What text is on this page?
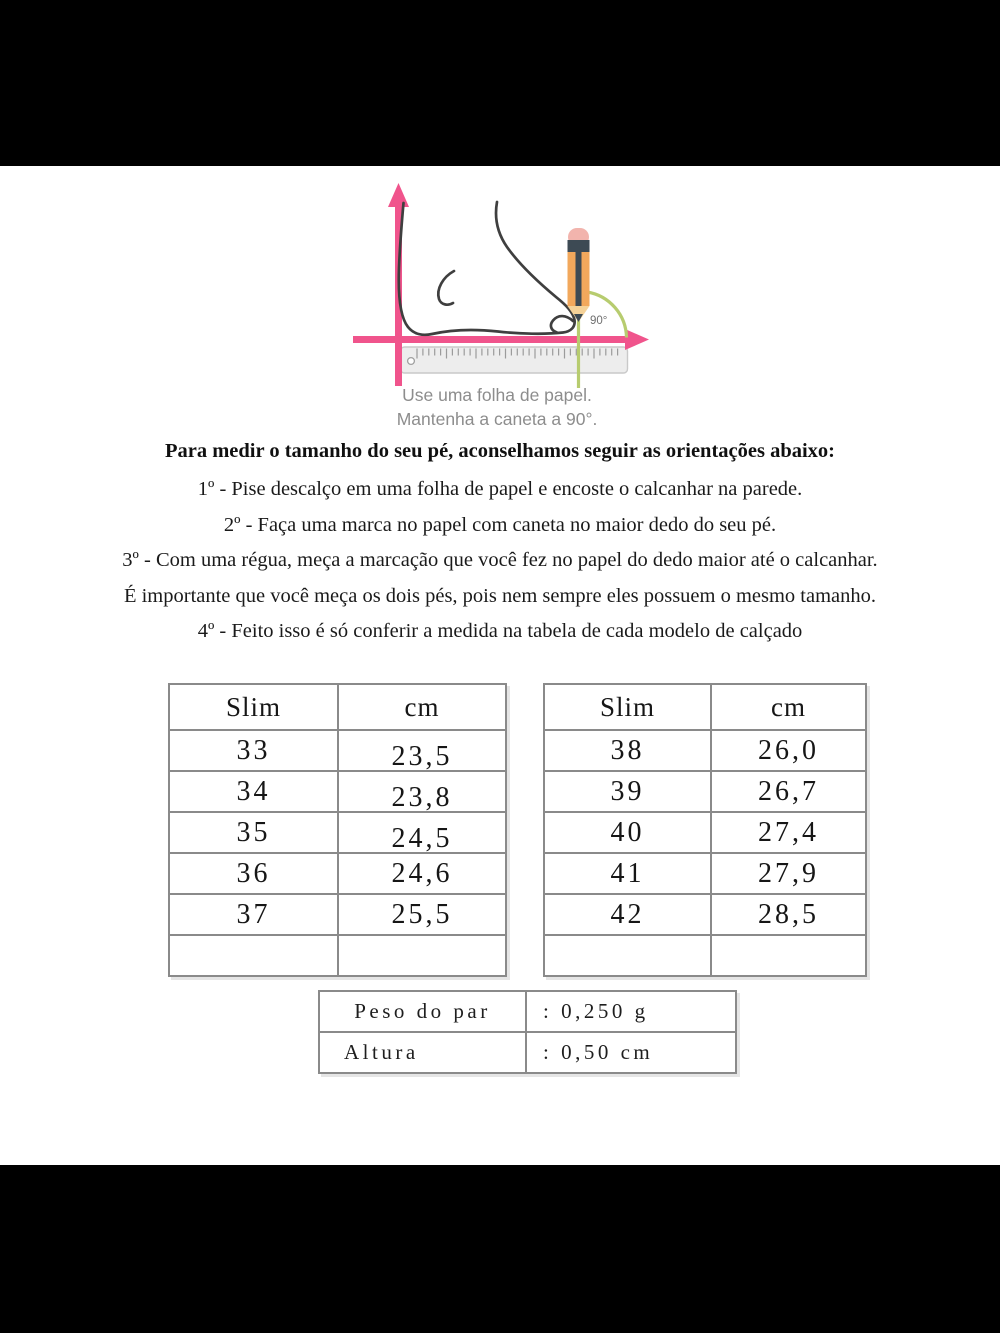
90°
Use uma folha de papel.
Mantenha a caneta a 90°.
Para medir o tamanho do seu pé, aconselhamos seguir as orientações abaixo:
1º - Pise descalço em uma folha de papel e encoste o calcanhar na parede.
2º - Faça uma marca no papel com caneta no maior dedo do seu pé.
3º - Com uma régua, meça a marcação que você fez no papel do dedo maior até o calcanhar.
É importante que você meça os dois pés, pois nem sempre eles possuem o mesmo tamanho.
4º - Feito isso é só conferir a medida na tabela de cada modelo de calçado
Slim	cm
33	23,5
34	23,8
35	24,5
36	24,6
37	25,5

Slim	cm
38	26,0
39	26,7
40	27,4
41	27,9
42	28,5

Peso do par	: 0,250 g
Altura	: 0,50 cm
